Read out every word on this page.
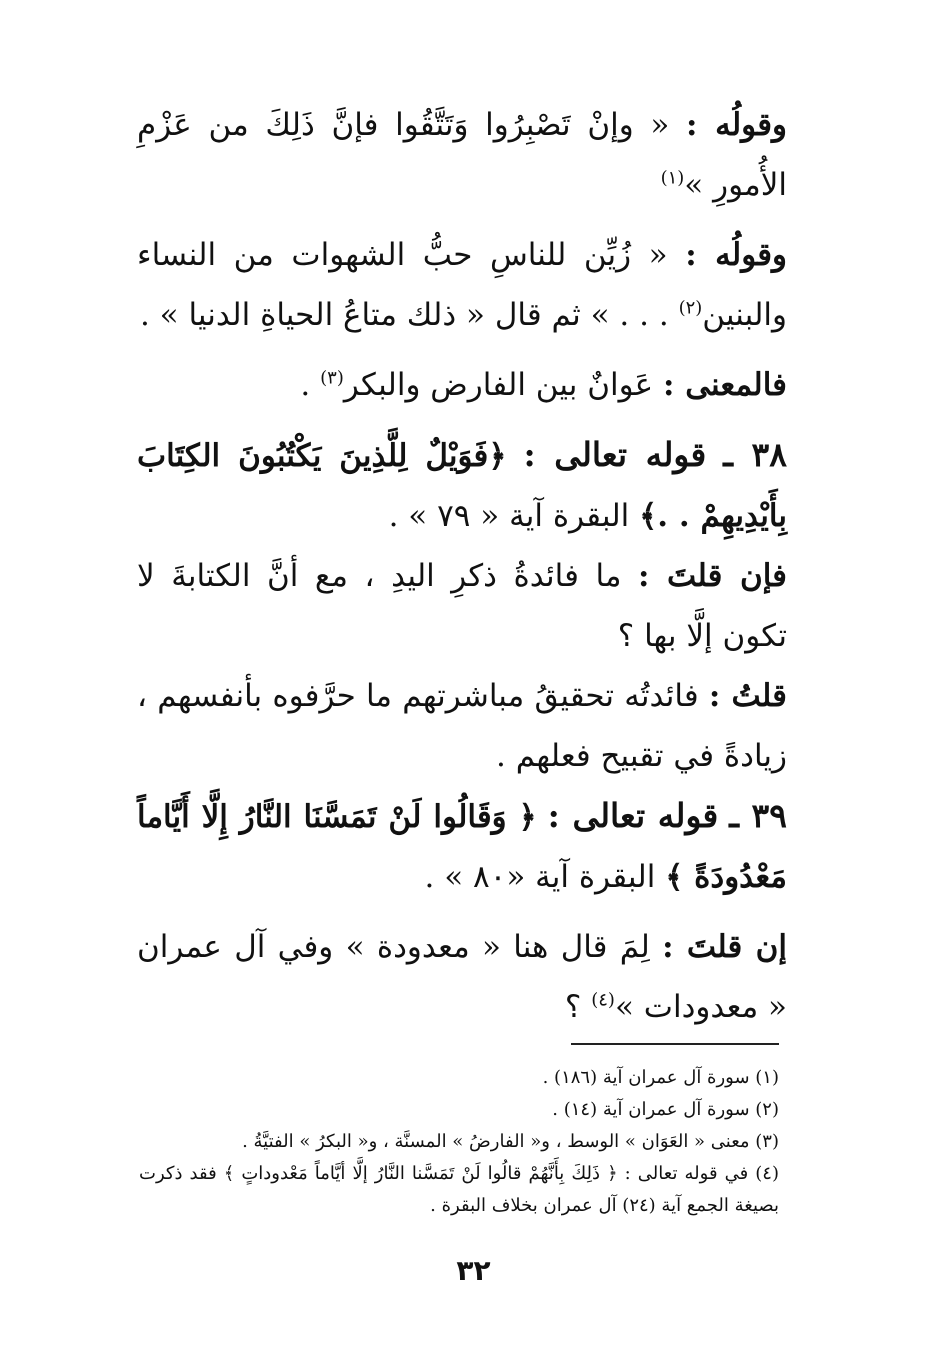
وقولُه : « وإنْ تَصْبِرُوا وَتَتَّقُوا فإنَّ ذَلِكَ من عَزْمِ الأُمورِ »$^{(١)}$

وقولُه : « زُيِّن للناسِ حبُّ الشهوات من النساء والبنين$^{(٢)}$ . . . » ثم قال « ذلك متاعُ الحياةِ الدنيا » .

فالمعنى : عَوانٌ بين الفارض والبكر$^{(٣)}$ .

٣٨ ـ قوله تعالى : ﴿فَوَيْلٌ لِلَّذِينَ يَكْتُبُونَ الكِتَابَ بِأَيْدِيهِمْ . .﴾ البقرة آية « ٧٩ » .

فإن قلتَ : ما فائدةُ ذكرِ اليدِ ، مع أنَّ الكتابةَ لا تكون إلَّا بها ؟

قلتُ : فائدتُه تحقيقُ مباشرتهم ما حرَّفوه بأنفسهم ، زيادةً في تقبيح فعلهم .

٣٩ ـ قوله تعالى : ﴿ وَقَالُوا لَنْ تَمَسَّنَا النَّارُ إِلَّا أَيَّاماً مَعْدُودَةً ﴾ البقرة آية «٨٠ » .

إن قلتَ : لِمَ قال هنا « معدودة » وفي آل عمران « معدودات »$^{(٤)}$ ؟

(١) سورة آل عمران آية (١٨٦) .

(٢) سورة آل عمران آية (١٤) .

(٣) معنى « العَوَان » الوسط ، و« الفارضُ » المسنَّة ، و« البكرُ » الفتيَّةُ .

(٤) في قوله تعالى : ﴿ ذَلِكَ بِأَنَّهُمْ قالُوا لَنْ تَمَسَّنا النَّارُ إلَّا أيَّاماً مَعْدوداتٍ ﴾ فقد ذكرت بصيغة الجمع آية (٢٤) آل عمران بخلاف البقرة .

٣٢
